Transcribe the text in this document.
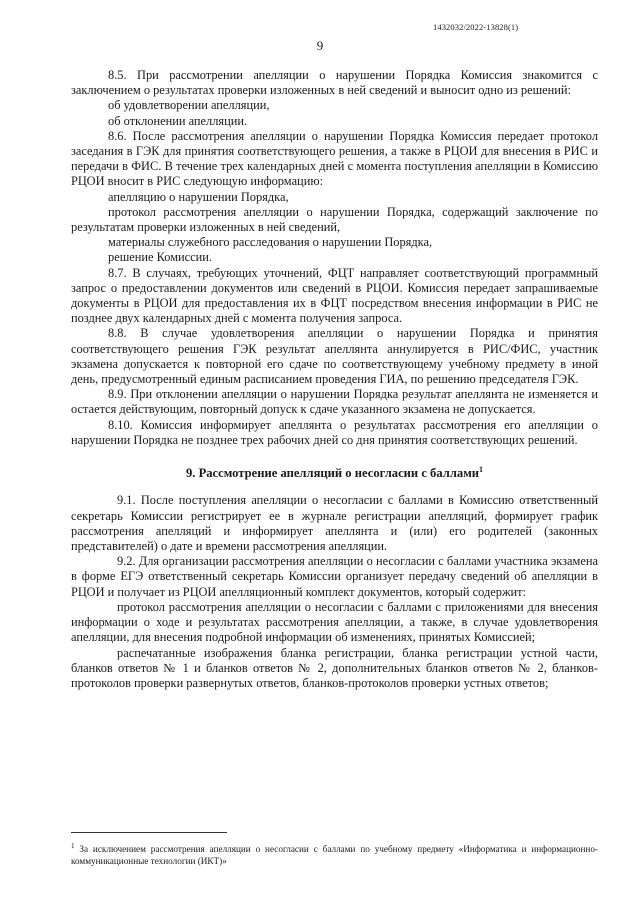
1432032/2022-13828(1)
9

8.5. При рассмотрении апелляции о нарушении Порядка Комиссия знакомится с заключением о результатах проверки изложенных в ней сведений и выносит одно из решений:

об удовлетворении апелляции,

об отклонении апелляции.

8.6. После рассмотрения апелляции о нарушении Порядка Комиссия передает протокол заседания в ГЭК для принятия соответствующего решения, а также в РЦОИ для внесения в РИС и передачи в ФИС. В течение трех календарных дней с момента поступления апелляции в Комиссию РЦОИ вносит в РИС следующую информацию:

апелляцию о нарушении Порядка,

протокол рассмотрения апелляции о нарушении Порядка, содержащий заключение по результатам проверки изложенных в ней сведений,

материалы служебного расследования о нарушении Порядка,

решение Комиссии.

8.7. В случаях, требующих уточнений, ФЦТ направляет соответствующий программный запрос о предоставлении документов или сведений в РЦОИ. Комиссия передает запрашиваемые документы в РЦОИ для предоставления их в ФЦТ посредством внесения информации в РИС не позднее двух календарных дней с момента получения запроса.

8.8. В случае удовлетворения апелляции о нарушении Порядка и принятия соответствующего решения ГЭК результат апеллянта аннулируется в РИС/ФИС, участник экзамена допускается к повторной его сдаче по соответствующему учебному предмету в иной день, предусмотренный единым расписанием проведения ГИА, по решению председателя ГЭК.

8.9. При отклонении апелляции о нарушении Порядка результат апеллянта не изменяется и остается действующим, повторный допуск к сдаче указанного экзамена не допускается.

8.10. Комиссия информирует апеллянта о результатах рассмотрения его апелляции о нарушении Порядка не позднее трех рабочих дней со дня принятия соответствующих решений.

9. Рассмотрение апелляций о несогласии с баллами$^1$

9.1. После поступления апелляции о несогласии с баллами в Комиссию ответственный секретарь Комиссии регистрирует ее в журнале регистрации апелляций, формирует график рассмотрения апелляций и информирует апеллянта и (или) его родителей (законных представителей) о дате и времени рассмотрения апелляции.

9.2. Для организации рассмотрения апелляции о несогласии с баллами участника экзамена в форме ЕГЭ ответственный секретарь Комиссии организует передачу сведений об апелляции в РЦОИ и получает из РЦОИ апелляционный комплект документов, который содержит:

протокол рассмотрения апелляции о несогласии с баллами с приложениями для внесения информации о ходе и результатах рассмотрения апелляции, а также, в случае удовлетворения апелляции, для внесения подробной информации об изменениях, принятых Комиссией;

распечатанные изображения бланка регистрации, бланка регистрации устной части, бланков ответов № 1 и бланков ответов № 2, дополнительных бланков ответов № 2, бланков-протоколов проверки развернутых ответов, бланков-протоколов проверки устных ответов;

$^1$ За исключением рассмотрения апелляции о несогласии с баллами по учебному предмету «Информатика и информационно-коммуникационные технологии (ИКТ)»
